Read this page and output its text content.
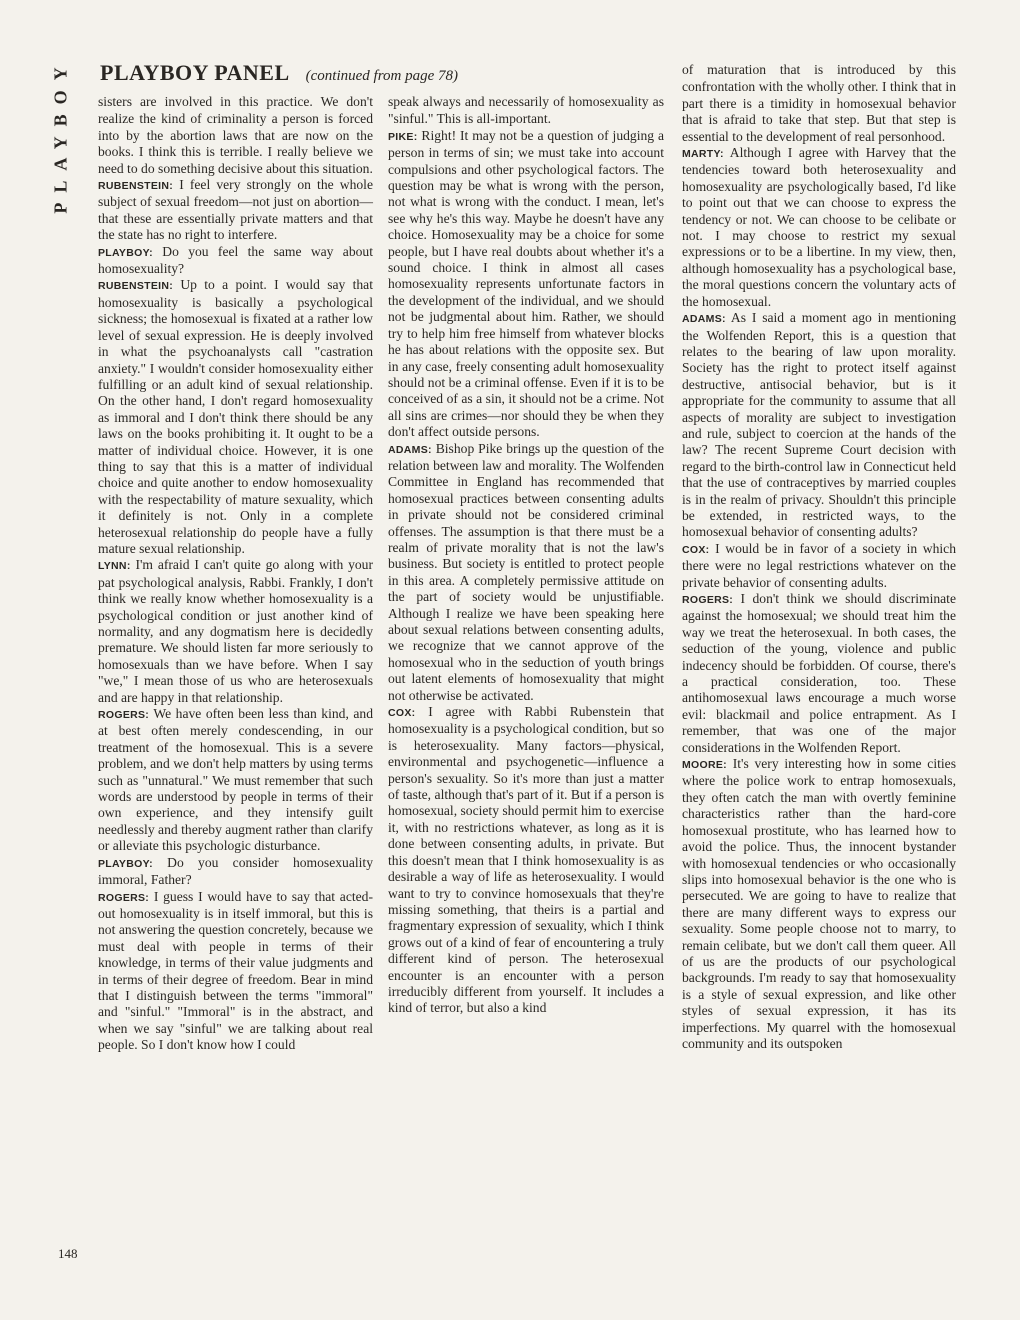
PLAYBOY PLAYBOY PANEL (continued from page 78)

sisters are involved in this practice. We don't realize the kind of criminality a person is forced into by the abortion laws that are now on the books. I think this is terrible. I really believe we need to do something decisive about this situation.

RUBENSTEIN: I feel very strongly on the whole subject of sexual freedom—not just on abortion—that these are essentially private matters and that the state has no right to interfere.

PLAYBOY: Do you feel the same way about homosexuality?

RUBENSTEIN: Up to a point. I would say that homosexuality is basically a psychological sickness; the homosexual is fixated at a rather low level of sexual expression. He is deeply involved in what the psychoanalysts call "castration anxiety." I wouldn't consider homosexuality either fulfilling or an adult kind of sexual relationship. On the other hand, I don't regard homosexuality as immoral and I don't think there should be any laws on the books prohibiting it. It ought to be a matter of individual choice. However, it is one thing to say that this is a matter of individual choice and quite another to endow homosexuality with the respectability of mature sexuality, which it definitely is not. Only in a complete heterosexual relationship do people have a fully mature sexual relationship.

LYNN: I'm afraid I can't quite go along with your pat psychological analysis, Rabbi. Frankly, I don't think we really know whether homosexuality is a psychological condition or just another kind of normality, and any dogmatism here is decidedly premature. We should listen far more seriously to homosexuals than we have before. When I say "we," I mean those of us who are heterosexuals and are happy in that relationship.

ROGERS: We have often been less than kind, and at best often merely condescending, in our treatment of the homosexual. This is a severe problem, and we don't help matters by using terms such as "unnatural." We must remember that such words are understood by people in terms of their own experience, and they intensify guilt needlessly and thereby augment rather than clarify or alleviate this psychologic disturbance.

PLAYBOY: Do you consider homosexuality immoral, Father?

ROGERS: I guess I would have to say that acted-out homosexuality is in itself immoral, but this is not answering the question concretely, because we must deal with people in terms of their knowledge, in terms of their value judgments and in terms of their degree of freedom. Bear in mind that I distinguish between the terms "immoral" and "sinful." "Immoral" is in the abstract, and when we say "sinful" we are talking about real people. So I don't know how I could

speak always and necessarily of homosexuality as "sinful." This is all-important.

PIKE: Right! It may not be a question of judging a person in terms of sin; we must take into account compulsions and other psychological factors. The question may be what is wrong with the person, not what is wrong with the conduct. I mean, let's see why he's this way. Maybe he doesn't have any choice. Homosexuality may be a choice for some people, but I have real doubts about whether it's a sound choice. I think in almost all cases homosexuality represents unfortunate factors in the development of the individual, and we should not be judgmental about him. Rather, we should try to help him free himself from whatever blocks he has about relations with the opposite sex. But in any case, freely consenting adult homosexuality should not be a criminal offense. Even if it is to be conceived of as a sin, it should not be a crime. Not all sins are crimes—nor should they be when they don't affect outside persons.

ADAMS: Bishop Pike brings up the question of the relation between law and morality. The Wolfenden Committee in England has recommended that homosexual practices between consenting adults in private should not be considered criminal offenses. The assumption is that there must be a realm of private morality that is not the law's business. But society is entitled to protect people in this area. A completely permissive attitude on the part of society would be unjustifiable. Although I realize we have been speaking here about sexual relations between consenting adults, we recognize that we cannot approve of the homosexual who in the seduction of youth brings out latent elements of homosexuality that might not otherwise be activated.

COX: I agree with Rabbi Rubenstein that homosexuality is a psychological condition, but so is heterosexuality. Many factors—physical, environmental and psychogenetic—influence a person's sexuality. So it's more than just a matter of taste, although that's part of it. But if a person is homosexual, society should permit him to exercise it, with no restrictions whatever, as long as it is done between consenting adults, in private. But this doesn't mean that I think homosexuality is as desirable a way of life as heterosexuality. I would want to try to convince homosexuals that they're missing something, that theirs is a partial and fragmentary expression of sexuality, which I think grows out of a kind of fear of encountering a truly different kind of person. The heterosexual encounter is an encounter with a person irreducibly different from yourself. It includes a kind of terror, but also a kind

of maturation that is introduced by this confrontation with the wholly other. I think that in part there is a timidity in homosexual behavior that is afraid to take that step. But that step is essential to the development of real personhood.

MARTY: Although I agree with Harvey that the tendencies toward both heterosexuality and homosexuality are psychologically based, I'd like to point out that we can choose to express the tendency or not. We can choose to be celibate or not. I may choose to restrict my sexual expressions or to be a libertine. In my view, then, although homosexuality has a psychological base, the moral questions concern the voluntary acts of the homosexual.

ADAMS: As I said a moment ago in mentioning the Wolfenden Report, this is a question that relates to the bearing of law upon morality. Society has the right to protect itself against destructive, antisocial behavior, but is it appropriate for the community to assume that all aspects of morality are subject to investigation and rule, subject to coercion at the hands of the law? The recent Supreme Court decision with regard to the birth-control law in Connecticut held that the use of contraceptives by married couples is in the realm of privacy. Shouldn't this principle be extended, in restricted ways, to the homosexual behavior of consenting adults?

COX: I would be in favor of a society in which there were no legal restrictions whatever on the private behavior of consenting adults.

ROGERS: I don't think we should discriminate against the homosexual; we should treat him the way we treat the heterosexual. In both cases, the seduction of the young, violence and public indecency should be forbidden. Of course, there's a practical consideration, too. These antihomosexual laws encourage a much worse evil: blackmail and police entrapment. As I remember, that was one of the major considerations in the Wolfenden Report.

MOORE: It's very interesting how in some cities where the police work to entrap homosexuals, they often catch the man with overtly feminine characteristics rather than the hard-core homosexual prostitute, who has learned how to avoid the police. Thus, the innocent bystander with homosexual tendencies or who occasionally slips into homosexual behavior is the one who is persecuted. We are going to have to realize that there are many different ways to express our sexuality. Some people choose not to marry, to remain celibate, but we don't call them queer. All of us are the products of our psychological backgrounds. I'm ready to say that homosexuality is a style of sexual expression, and like other styles of sexual expression, it has its imperfections. My quarrel with the homosexual community and its outspoken

148
